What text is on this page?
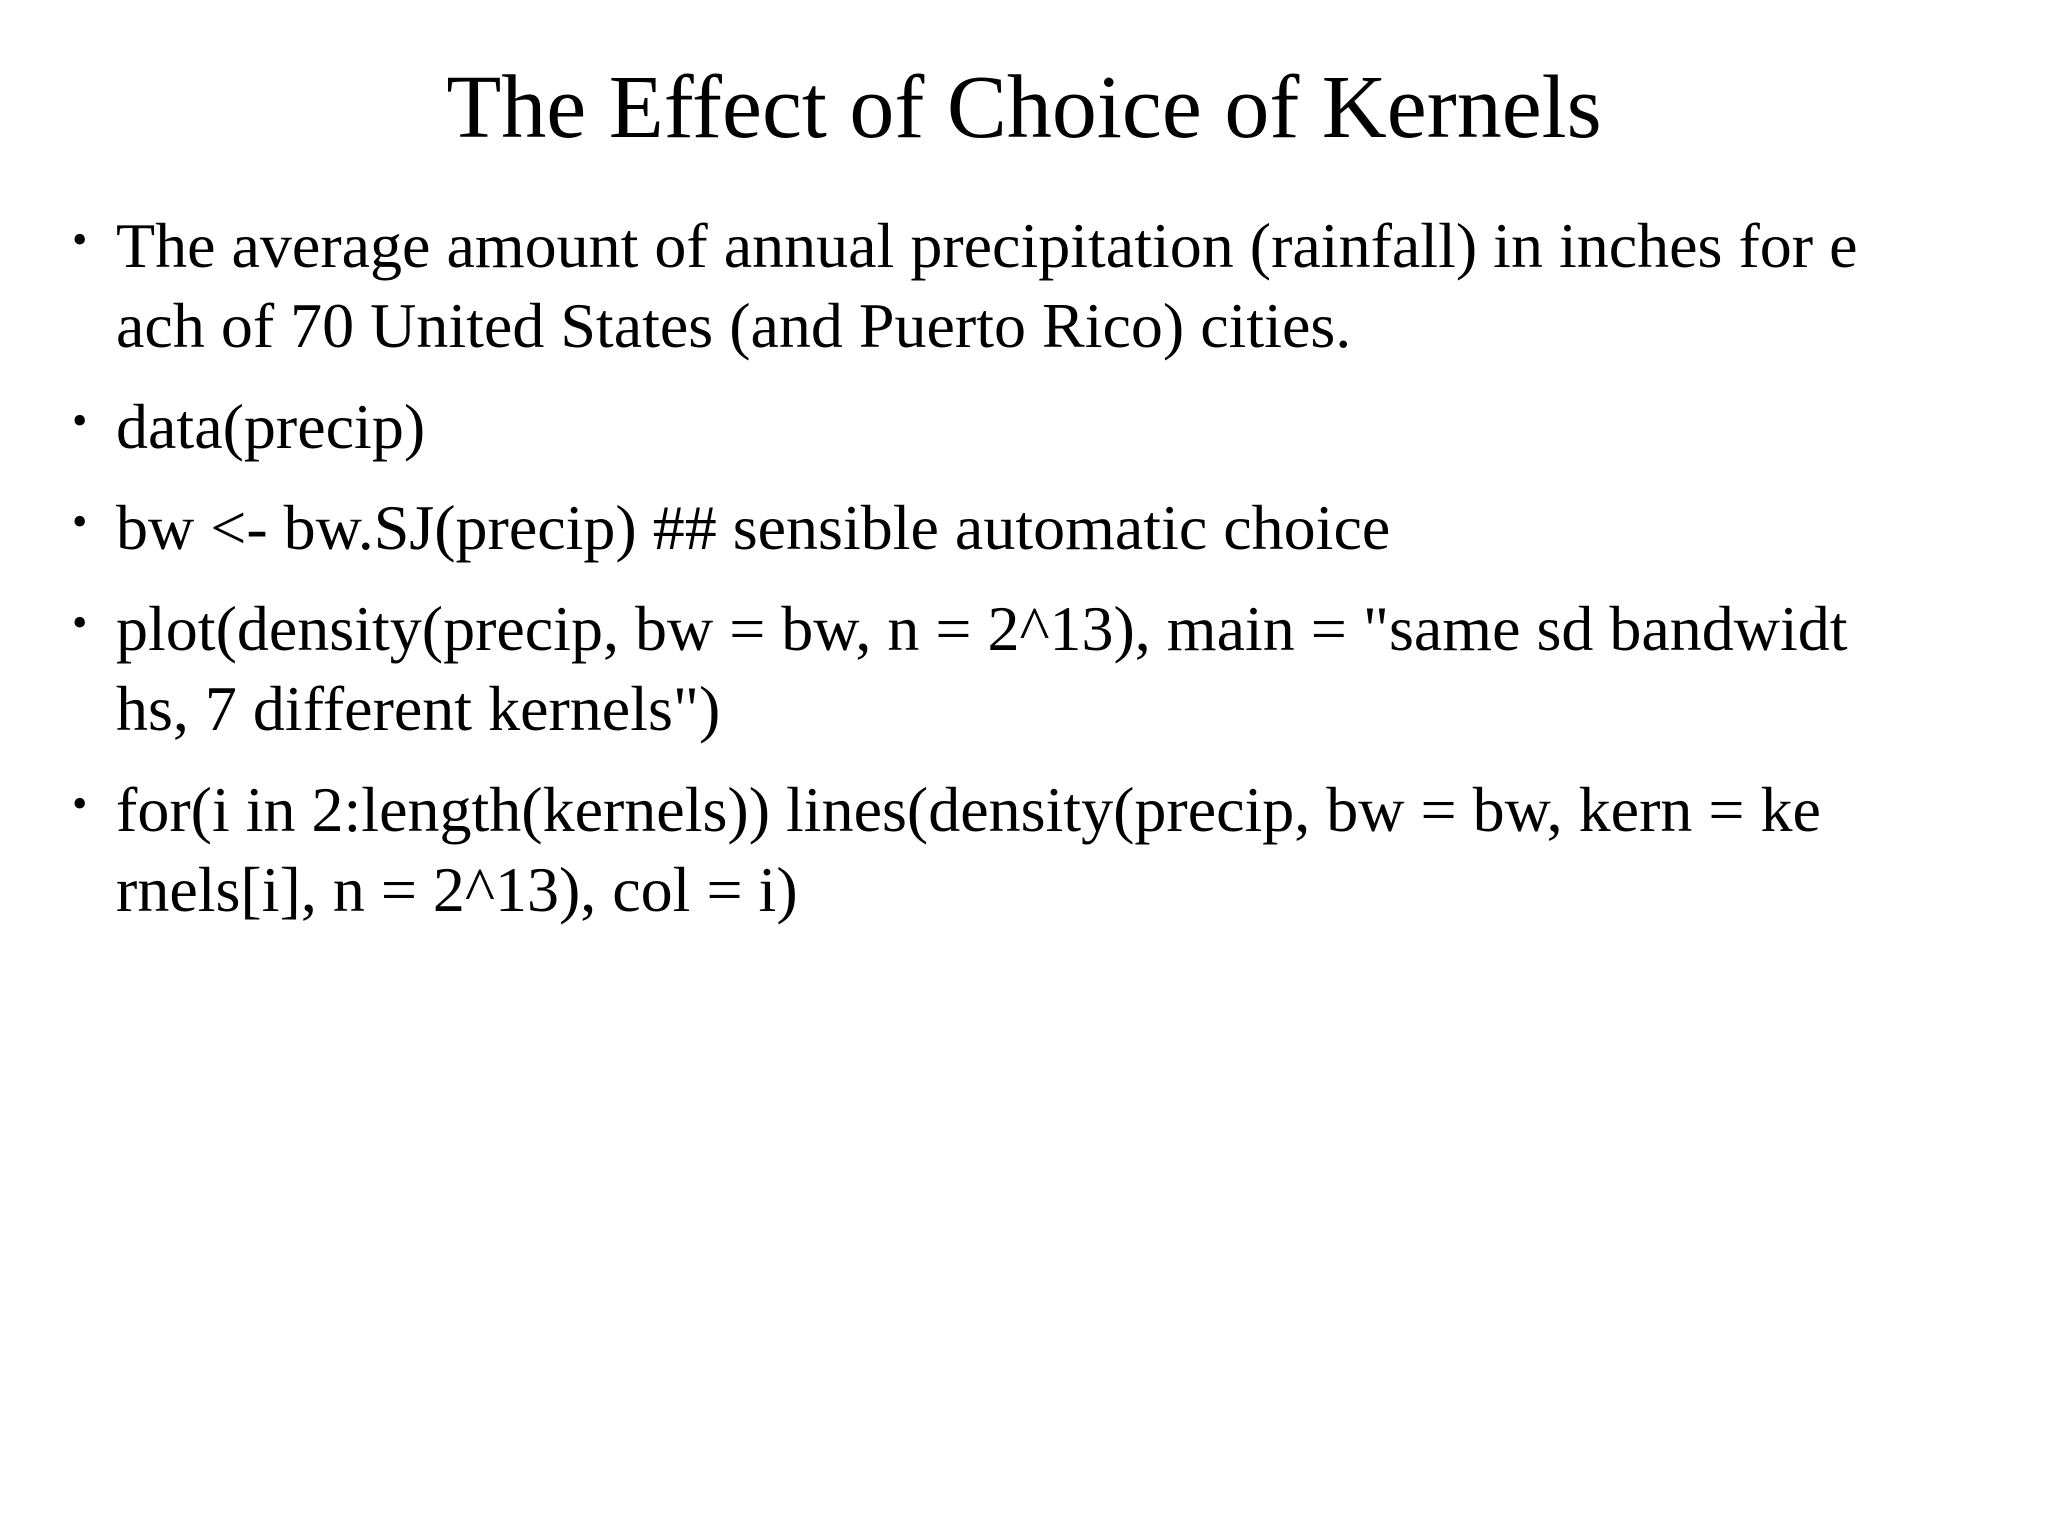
The Effect of Choice of Kernels
• The average amount of annual precipitation (rainfall) in inches for e
ach of 70 United States (and Puerto Rico) cities.
• data(precip)
• bw <- bw.SJ(precip) ## sensible automatic choice
• plot(density(precip, bw = bw, n = 2^13), main = "same sd bandwidt
hs, 7 different kernels")
• for(i in 2:length(kernels)) lines(density(precip, bw = bw, kern = ke
rnels[i], n = 2^13), col = i)
